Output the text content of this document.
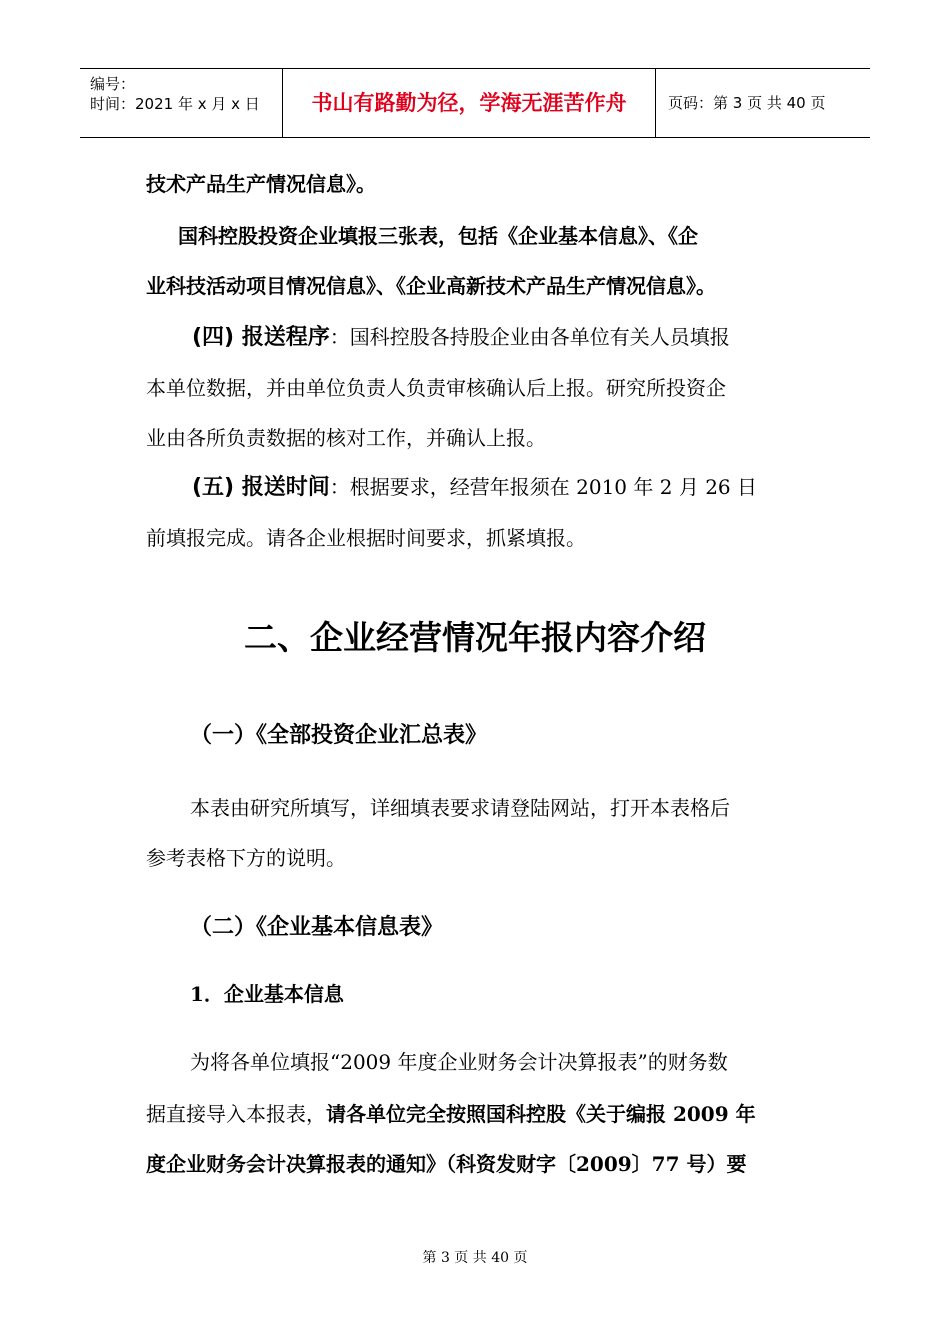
编号：
时间：2021 年 x 月 x 日	书山有路勤为径，学海无涯苦作舟	页码：第 3 页 共 40 页
技术产品生产情况信息》。
国科控股投资企业填报三张表，包括《企业基本信息》、《企
业科技活动项目情况信息》、《企业高新技术产品生产情况信息》。
(四) 报送程序：国科控股各持股企业由各单位有关人员填报
本单位数据，并由单位负责人负责审核确认后上报。研究所投资企
业由各所负责数据的核对工作，并确认上报。
(五) 报送时间：根据要求，经营年报须在 2010 年 2 月 26 日
前填报完成。请各企业根据时间要求，抓紧填报。
二、企业经营情况年报内容介绍
（一）《全部投资企业汇总表》
本表由研究所填写，详细填表要求请登陆网站，打开本表格后
参考表格下方的说明。
（二）《企业基本信息表》
1．企业基本信息
为将各单位填报“2009 年度企业财务会计决算报表”的财务数
据直接导入本报表，请各单位完全按照国科控股《关于编报 2009 年
度企业财务会计决算报表的通知》（科资发财字〔2009〕77 号）要
第 3 页 共 40 页
